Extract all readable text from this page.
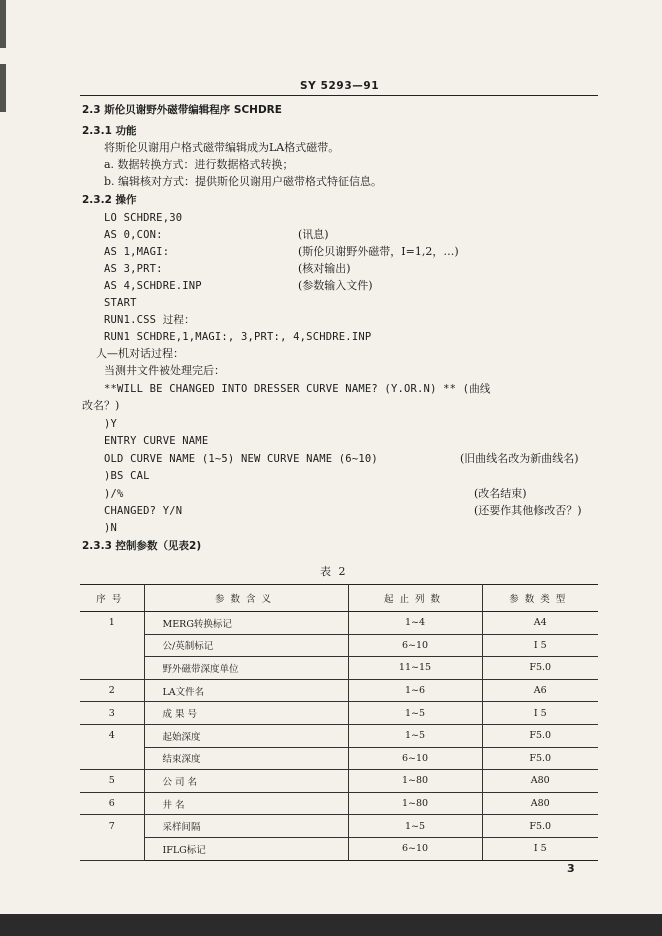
SY 5293—91
2.3 斯伦贝谢野外磁带编辑程序 SCHDRE
2.3.1 功能
将斯伦贝谢用户格式磁带编辑成为LA格式磁带。
a. 数据转换方式：进行数据格式转换；
b. 编辑核对方式：提供斯伦贝谢用户磁带格式特征信息。
2.3.2 操作
LO SCHDRE,30
AS 0,CON:	(讯息)
AS 1,MAGI:	(斯伦贝谢野外磁带，I=1,2，…)
AS 3,PRT:	(核对输出)
AS 4,SCHDRE.INP	(参数输入文件)
START
RUN1.CSS 过程：
RUN1 SCHDRE,1,MAGI:, 3,PRT:, 4,SCHDRE.INP
人—机对话过程：
当测井文件被处理完后：
**WILL BE CHANGED INTO DRESSER CURVE NAME? (Y.OR.N) ** (曲线
改名？)
)Y
ENTRY CURVE NAME
OLD CURVE NAME (1~5) NEW CURVE NAME (6~10)	(旧曲线名改为新曲线名)
)BS CAL
)/%	(改名结束)
CHANGED? Y/N	(还要作其他修改否？)
)N
2.3.3 控制参数（见表2)
表 2
序号	参数含义	起止列数	参数类型
1	MERG转换标记	1~4	A4
	公/英制标记	6~10	I 5
	野外磁带深度单位	11~15	F5.0
2	LA文件名	1~6	A6
3	成 果 号	1~5	I 5
4	起始深度	1~5	F5.0
	结束深度	6~10	F5.0
5	公 司 名	1~80	A80
6	井 名	1~80	A80
7	采样间隔	1~5	F5.0
	IFLG标记	6~10	I 5
3
